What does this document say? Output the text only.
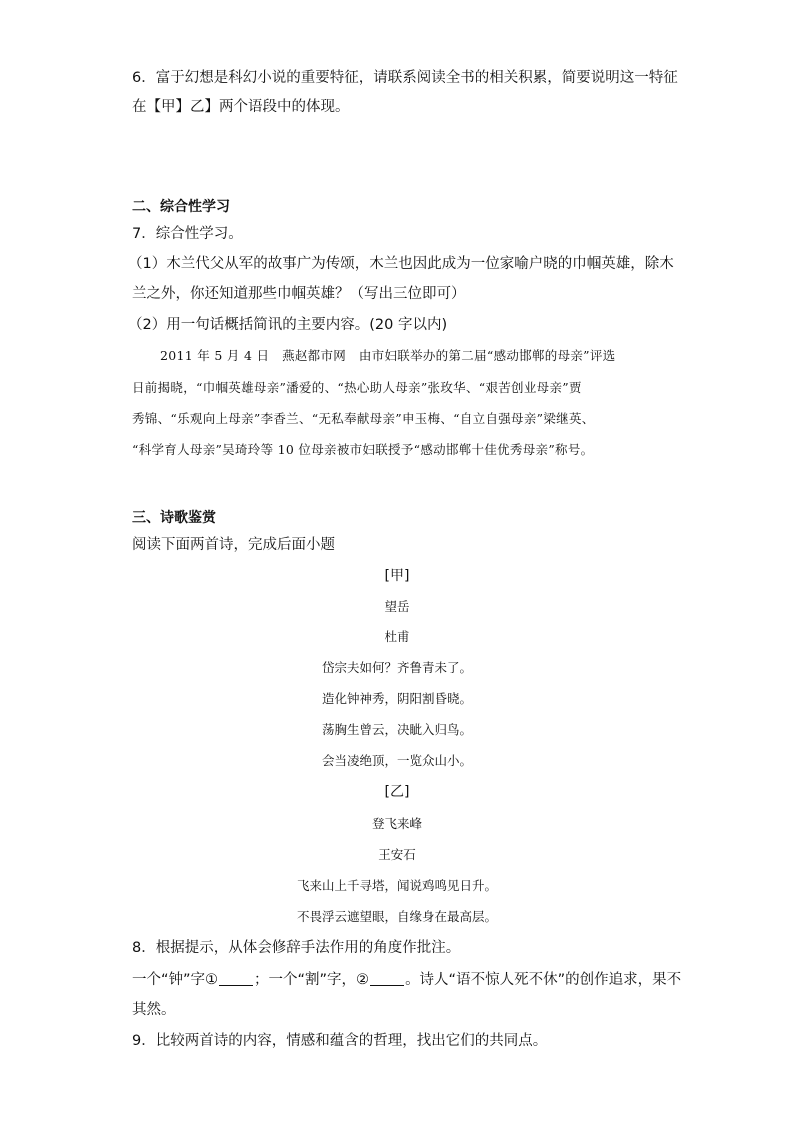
6．富于幻想是科幻小说的重要特征，请联系阅读全书的相关积累，简要说明这一特征
在【甲】乙】两个语段中的体现。
二、综合性学习
7．综合性学习。
（1）木兰代父从军的故事广为传颂，木兰也因此成为一位家喻户晓的巾帼英雄，除木
兰之外，你还知道那些巾帼英雄？（写出三位即可）
（2）用一句话概括简讯的主要内容。(20 字以内)
2011 年 5 月 4 日　燕赵都市网　由市妇联举办的第二届“感动邯郸的母亲”评选
日前揭晓，“巾帼英雄母亲”潘爱的、“热心助人母亲”张玫华、“艰苦创业母亲”贾
秀锦、“乐观向上母亲”李香兰、“无私奉献母亲”申玉梅、“自立自强母亲”梁继英、
“科学育人母亲”吴琦玲等 10 位母亲被市妇联授予“感动邯郸十佳优秀母亲”称号。
三、诗歌鉴赏
阅读下面两首诗，完成后面小题
[甲]
望岳
杜甫
岱宗夫如何？齐鲁青未了。
造化钟神秀，阴阳割昏晓。
荡胸生曾云，决眦入归鸟。
会当凌绝顶，一览众山小。
[乙]
登飞来峰
王安石
飞来山上千寻塔，闻说鸡鸣见日升。
不畏浮云遮望眼，自缘身在最高层。
8．根据提示，从体会修辞手法作用的角度作批注。
一个“钟”字① ；一个“割”字，② 。诗人“语不惊人死不休”的创作追求，果不
其然。
9．比较两首诗的内容，情感和蕴含的哲理，找出它们的共同点。
